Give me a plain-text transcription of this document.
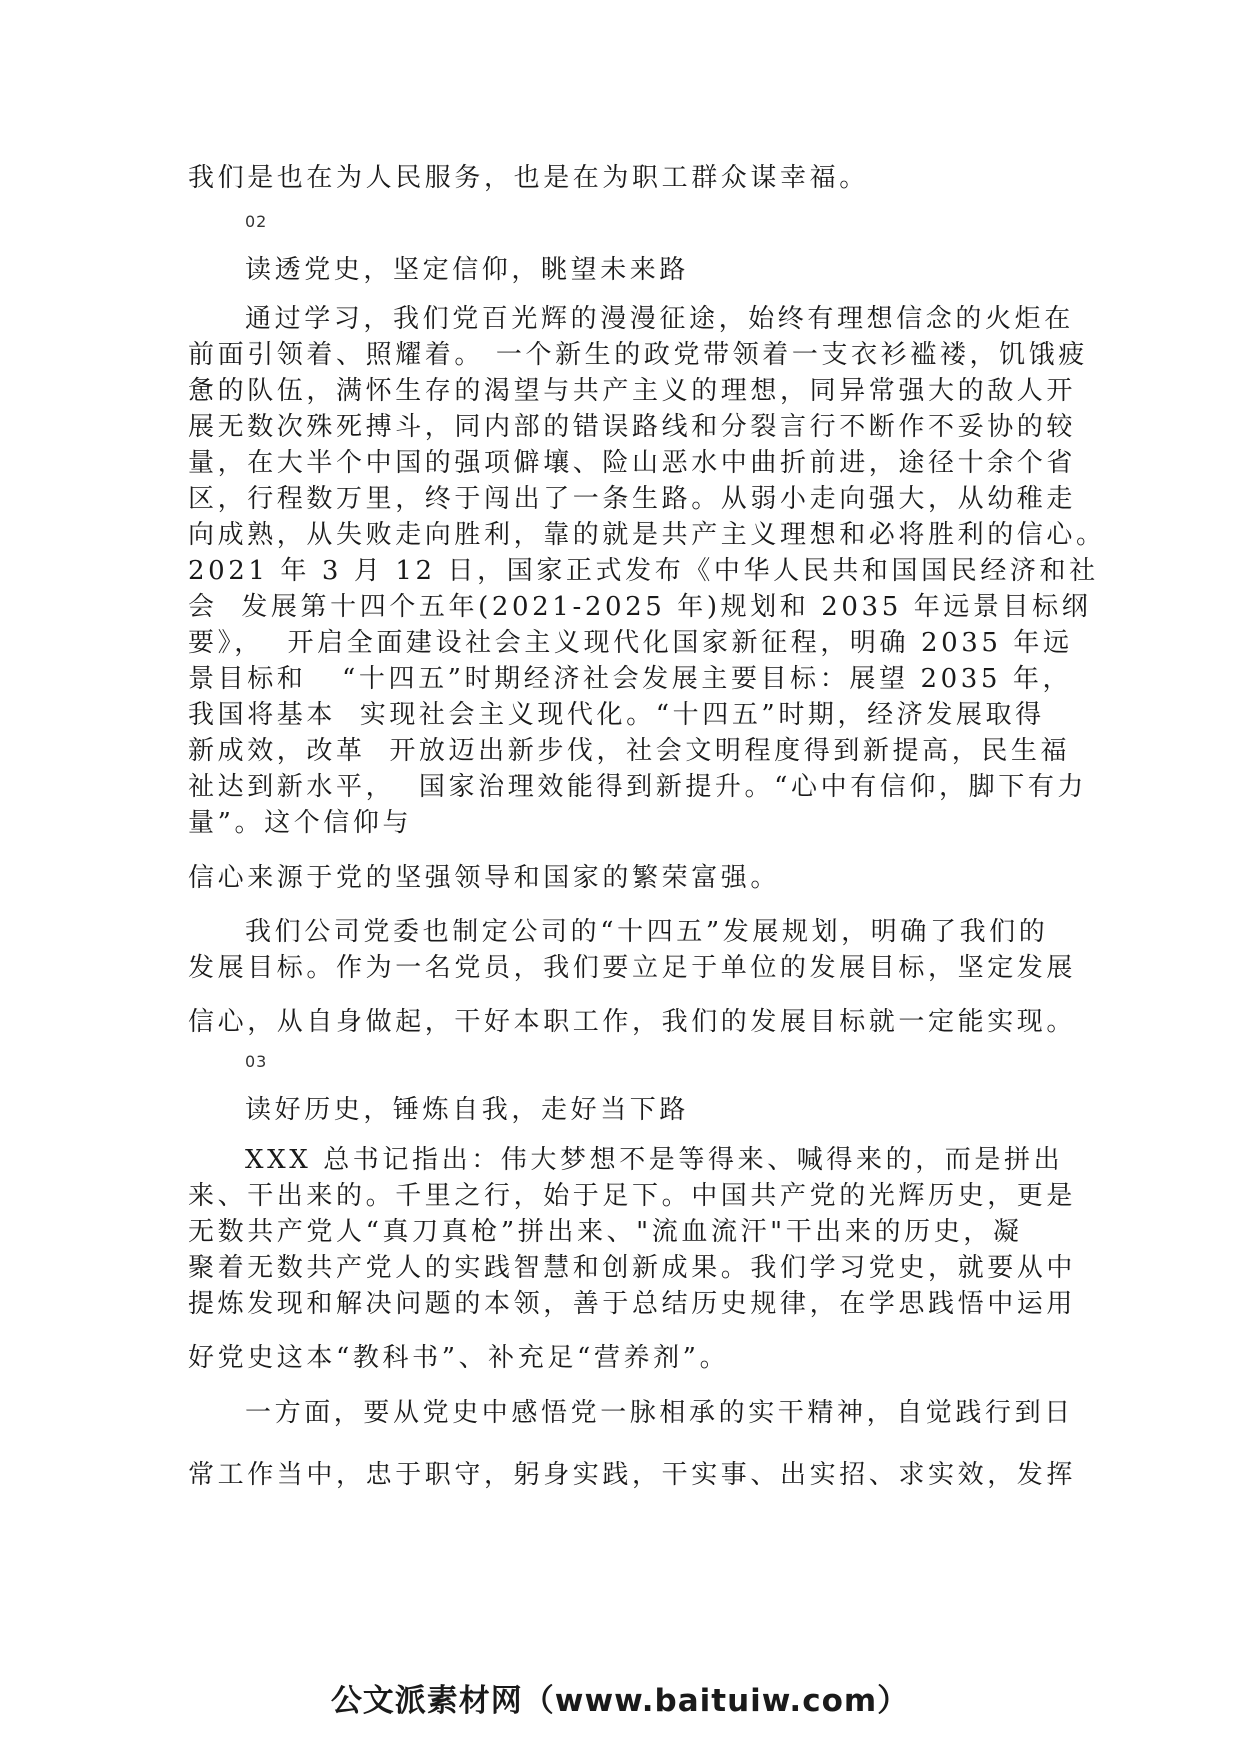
我们是也在为人民服务，也是在为职工群众谋幸福。
02
读透党史，坚定信仰，眺望未来路
通过学习，我们党百光辉的漫漫征途，始终有理想信念的火炬在
前面引领着、照耀着。 一个新生的政党带领着一支衣衫褴褛，饥饿疲
惫的队伍，满怀生存的渴望与共产主义的理想，同异常强大的敌人开
展无数次殊死搏斗，同内部的错误路线和分裂言行不断作不妥协的较
量，在大半个中国的强项僻壤、险山恶水中曲折前进，途径十余个省
区，行程数万里，终于闯出了一条生路。从弱小走向强大，从幼稚走
向成熟，从失败走向胜利，靠的就是共产主义理想和必将胜利的信心。
2021 年 3 月 12 日，国家正式发布《中华人民共和国国民经济和社
会  发展第十四个五年(2021-2025 年)规划和 2035 年远景目标纲
要》，  开启全面建设社会主义现代化国家新征程，明确 2035 年远
景目标和   “十四五”时期经济社会发展主要目标：展望 2035 年，
我国将基本  实现社会主义现代化。“十四五”时期，经济发展取得
新成效，改革  开放迈出新步伐，社会文明程度得到新提高，民生福
祉达到新水平，  国家治理效能得到新提升。“心中有信仰，脚下有力
量”。这个信仰与
信心来源于党的坚强领导和国家的繁荣富强。
我们公司党委也制定公司的“十四五”发展规划，明确了我们的
发展目标。作为一名党员，我们要立足于单位的发展目标，坚定发展
信心，从自身做起，干好本职工作，我们的发展目标就一定能实现。
03
读好历史，锤炼自我，走好当下路
XXX 总书记指出：伟大梦想不是等得来、喊得来的，而是拼出
来、干出来的。千里之行，始于足下。中国共产党的光辉历史，更是
无数共产党人“真刀真枪”拼出来、"流血流汗"干出来的历史，凝
聚着无数共产党人的实践智慧和创新成果。我们学习党史，就要从中
提炼发现和解决问题的本领，善于总结历史规律，在学思践悟中运用
好党史这本“教科书”、补充足“营养剂”。
一方面，要从党史中感悟党一脉相承的实干精神，自觉践行到日
常工作当中，忠于职守，躬身实践，干实事、出实招、求实效，发挥
公文派素材网（www.baituiw.com）
